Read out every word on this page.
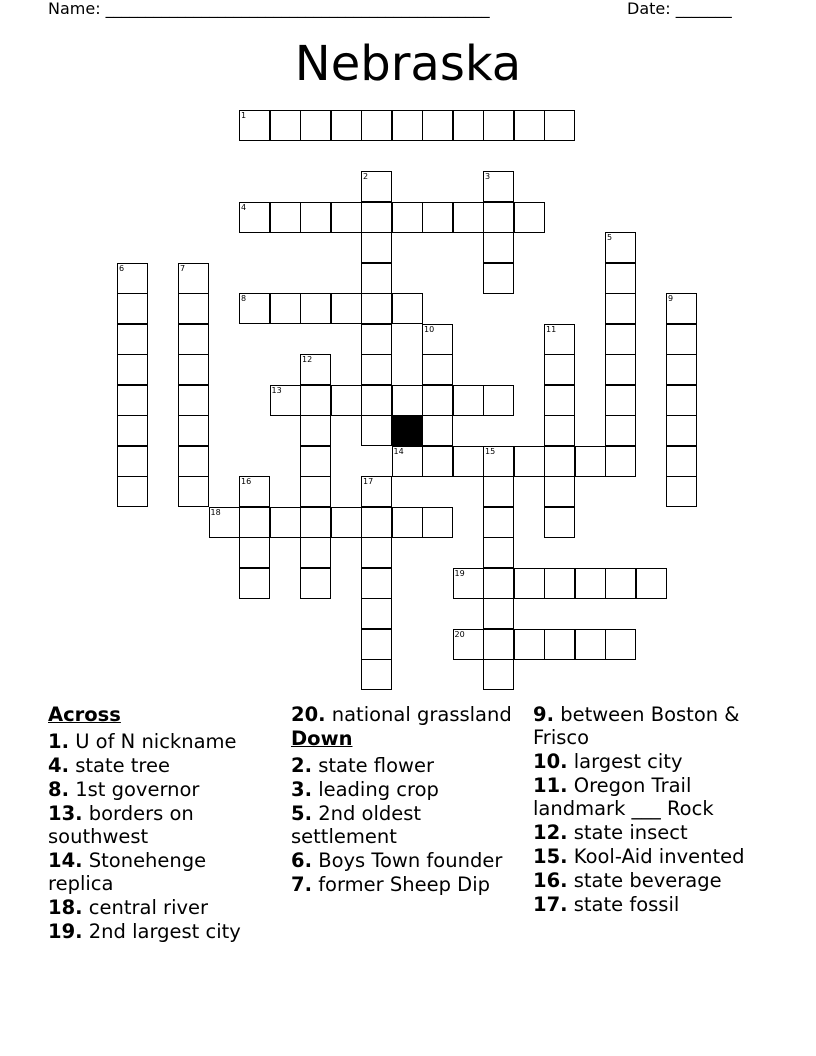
Name: ________________________________________________	Date: _______
Nebraska
1
2	3
4
5
6	7
8	9
10	11
12
13
14	15
16	17
18
19
20
Across
1. U of N nickname
4. state tree
8. 1st governor
13. borders on southwest
14. Stonehenge replica
18. central river
19. 2nd largest city
20. national grassland
Down
2. state flower
3. leading crop
5. 2nd oldest settlement
6. Boys Town founder
7. former Sheep Dip
9. between Boston & Frisco
10. largest city
11. Oregon Trail landmark ___ Rock
12. state insect
15. Kool-Aid invented
16. state beverage
17. state fossil
